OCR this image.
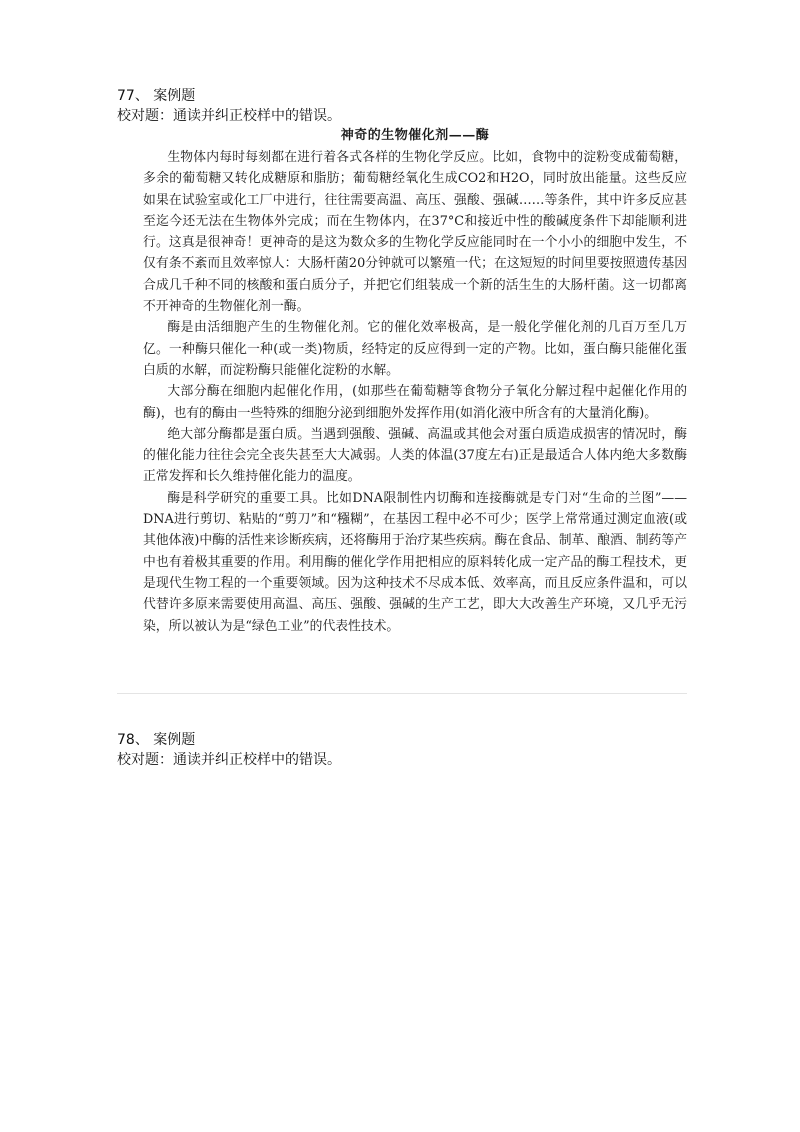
77、 案例题

校对题：通读并纠正校样中的错误。

神奇的生物催化剂——酶

生物体内每时每刻都在进行着各式各样的生物化学反应。比如，食物中的淀粉变成葡萄糖，多余的葡萄糖又转化成糖原和脂肪；葡萄糖经氧化生成CO2和H2O，同时放出能量。这些反应如果在试验室或化工厂中进行，往往需要高温、高压、强酸、强碱……等条件，其中许多反应甚至迄今还无法在生物体外完成；而在生物体内，在37°C和接近中性的酸碱度条件下却能顺利进行。这真是很神奇！更神奇的是这为数众多的生物化学反应能同时在一个小小的细胞中发生，不仅有条不紊而且效率惊人：大肠杆菌20分钟就可以繁殖一代；在这短短的时间里要按照遗传基因合成几千种不同的核酸和蛋白质分子，并把它们组装成一个新的活生生的大肠杆菌。这一切都离不开神奇的生物催化剂一酶。

酶是由活细胞产生的生物催化剂。它的催化效率极高，是一般化学催化剂的几百万至几万亿。一种酶只催化一种(或一类)物质，经特定的反应得到一定的产物。比如，蛋白酶只能催化蛋白质的水解，而淀粉酶只能催化淀粉的水解。

大部分酶在细胞内起催化作用，(如那些在葡萄糖等食物分子氧化分解过程中起催化作用的酶)，也有的酶由一些特殊的细胞分泌到细胞外发挥作用(如消化液中所含有的大量消化酶)。

绝大部分酶都是蛋白质。当遇到强酸、强碱、高温或其他会对蛋白质造成损害的情况时，酶的催化能力往往会完全丧失甚至大大减弱。人类的体温(37度左右)正是最适合人体内绝大多数酶正常发挥和长久维持催化能力的温度。

酶是科学研究的重要工具。比如DNA限制性内切酶和连接酶就是专门对“生命的兰图”——DNA进行剪切、粘贴的“剪刀”和“糨糊”，在基因工程中必不可少；医学上常常通过测定血液(或其他体液)中酶的活性来诊断疾病，还将酶用于治疗某些疾病。酶在食品、制革、酿酒、制药等产中也有着极其重要的作用。利用酶的催化学作用把相应的原料转化成一定产品的酶工程技术，更是现代生物工程的一个重要领域。因为这种技术不尽成本低、效率高，而且反应条件温和，可以代替许多原来需要使用高温、高压、强酸、强碱的生产工艺，即大大改善生产环境，又几乎无污染，所以被认为是“绿色工业”的代表性技术。

78、 案例题

校对题：通读并纠正校样中的错误。
